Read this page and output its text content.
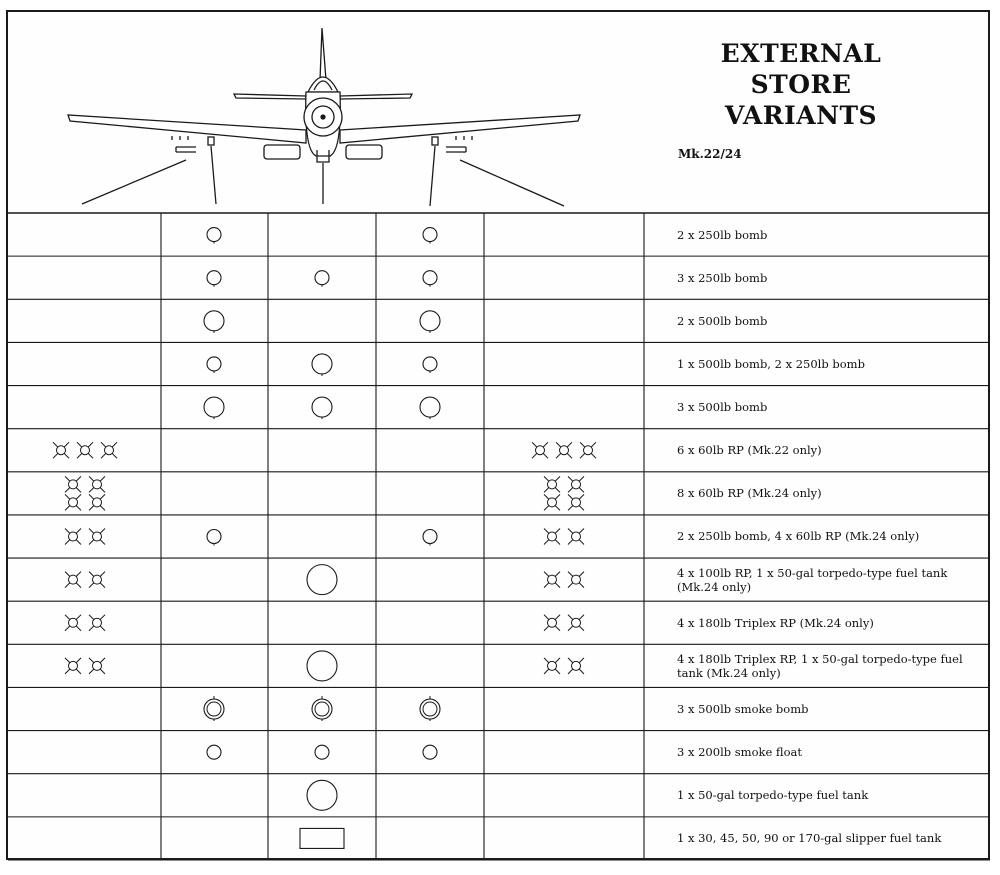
EXTERNAL STORE
VARIANTS
Mk.22/24
2 x 250lb bomb
3 x 250lb bomb
2 x 500lb bomb
1 x 500lb bomb, 2 x 250lb bomb
3 x 500lb bomb
6 x 60lb RP (Mk.22 only)
8 x 60lb RP (Mk.24 only)
2 x 250lb bomb, 4 x 60lb RP (Mk.24 only)
4 x 100lb RP, 1 x 50-gal torpedo-type fuel tank (Mk.24 only)
4 x 180lb Triplex RP (Mk.24 only)
4 x 180lb Triplex RP, 1 x 50-gal torpedo-type fuel tank (Mk.24 only)
3 x 500lb smoke bomb
3 x 200lb smoke float
1 x 50-gal torpedo-type fuel tank
1 x 30, 45, 50, 90 or 170-gal slipper fuel tank
